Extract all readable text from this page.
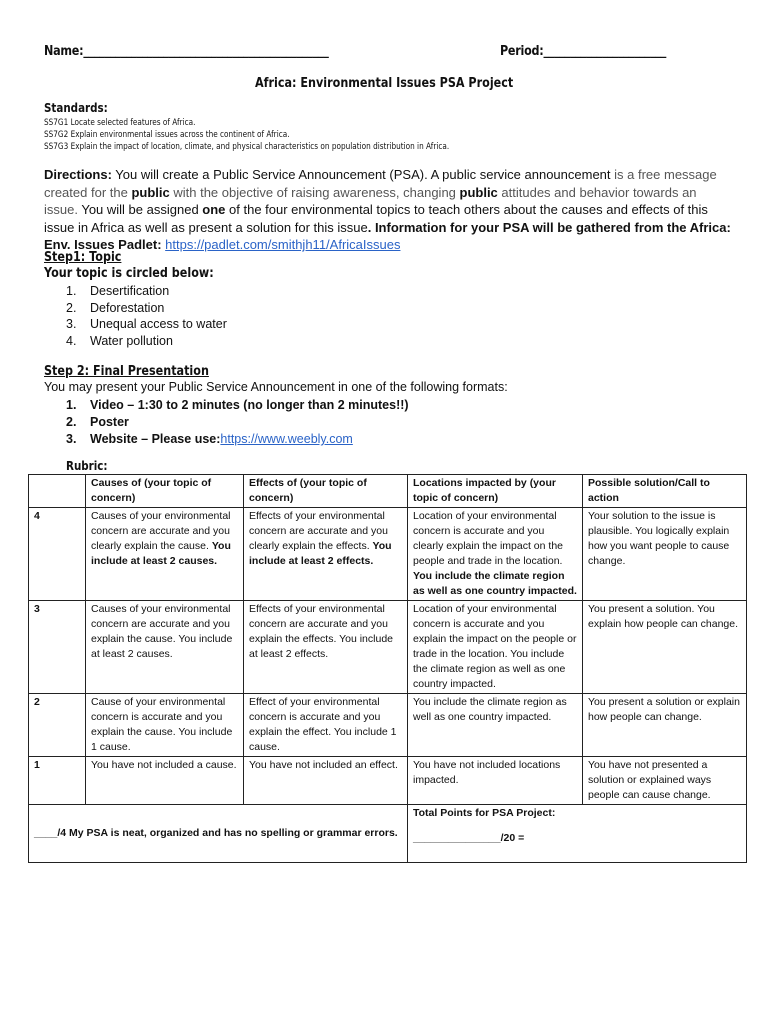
Name:______________________________________________	Period:_______________________
Africa: Environmental Issues PSA Project
Standards:
SS7G1 Locate selected features of Africa.
SS7G2 Explain environmental issues across the continent of Africa.
SS7G3 Explain the impact of location, climate, and physical characteristics on population distribution in Africa.
Directions: You will create a Public Service Announcement (PSA). A public service announcement is a free message created for the public with the objective of raising awareness, changing public attitudes and behavior towards an issue. You will be assigned one of the four environmental topics to teach others about the causes and effects of this issue in Africa as well as present a solution for this issue. Information for your PSA will be gathered from the Africa: Env. Issues Padlet: https://padlet.com/smithjh11/AfricaIssues
Step1: Topic
Your topic is circled below:
1.	Desertification
2.	Deforestation
3.	Unequal access to water
4.	Water pollution
Step 2: Final Presentation
You may present your Public Service Announcement in one of the following formats:
1.	Video – 1:30 to 2 minutes (no longer than 2 minutes!!)
2.	Poster
3.	Website – Please use: https://www.weebly.com
Rubric:
	Causes of (your topic of concern)	Effects of (your topic of concern)	Locations impacted by (your topic of concern)	Possible solution/Call to action
4	Causes of your environmental concern are accurate and you clearly explain the cause. You include at least 2 causes.	Effects of your environmental concern are accurate and you clearly explain the effects. You include at least 2 effects.	Location of your environmental concern is accurate and you clearly explain the impact on the people and trade in the location. You include the climate region as well as one country impacted.	Your solution to the issue is plausible. You logically explain how you want people to cause change.
3	Causes of your environmental concern are accurate and you explain the cause. You include at least 2 causes.	Effects of your environmental concern are accurate and you explain the effects. You include at least 2 effects.	Location of your environmental concern is accurate and you explain the impact on the people or trade in the location. You include the climate region as well as one country impacted.	You present a solution. You explain how people can change.
2	Cause of your environmental concern is accurate and you explain the cause. You include 1 cause.	Effect of your environmental concern is accurate and you explain the effect. You include 1 cause.	You include the climate region as well as one country impacted.	You present a solution or explain how people can change.
1	You have not included a cause.	You have not included an effect.	You have not included locations impacted.	You have not presented a solution or explained ways people can cause change.
____/4 My PSA is neat, organized and has no spelling or grammar errors.			Total Points for PSA Project:
_______________/20 =	
